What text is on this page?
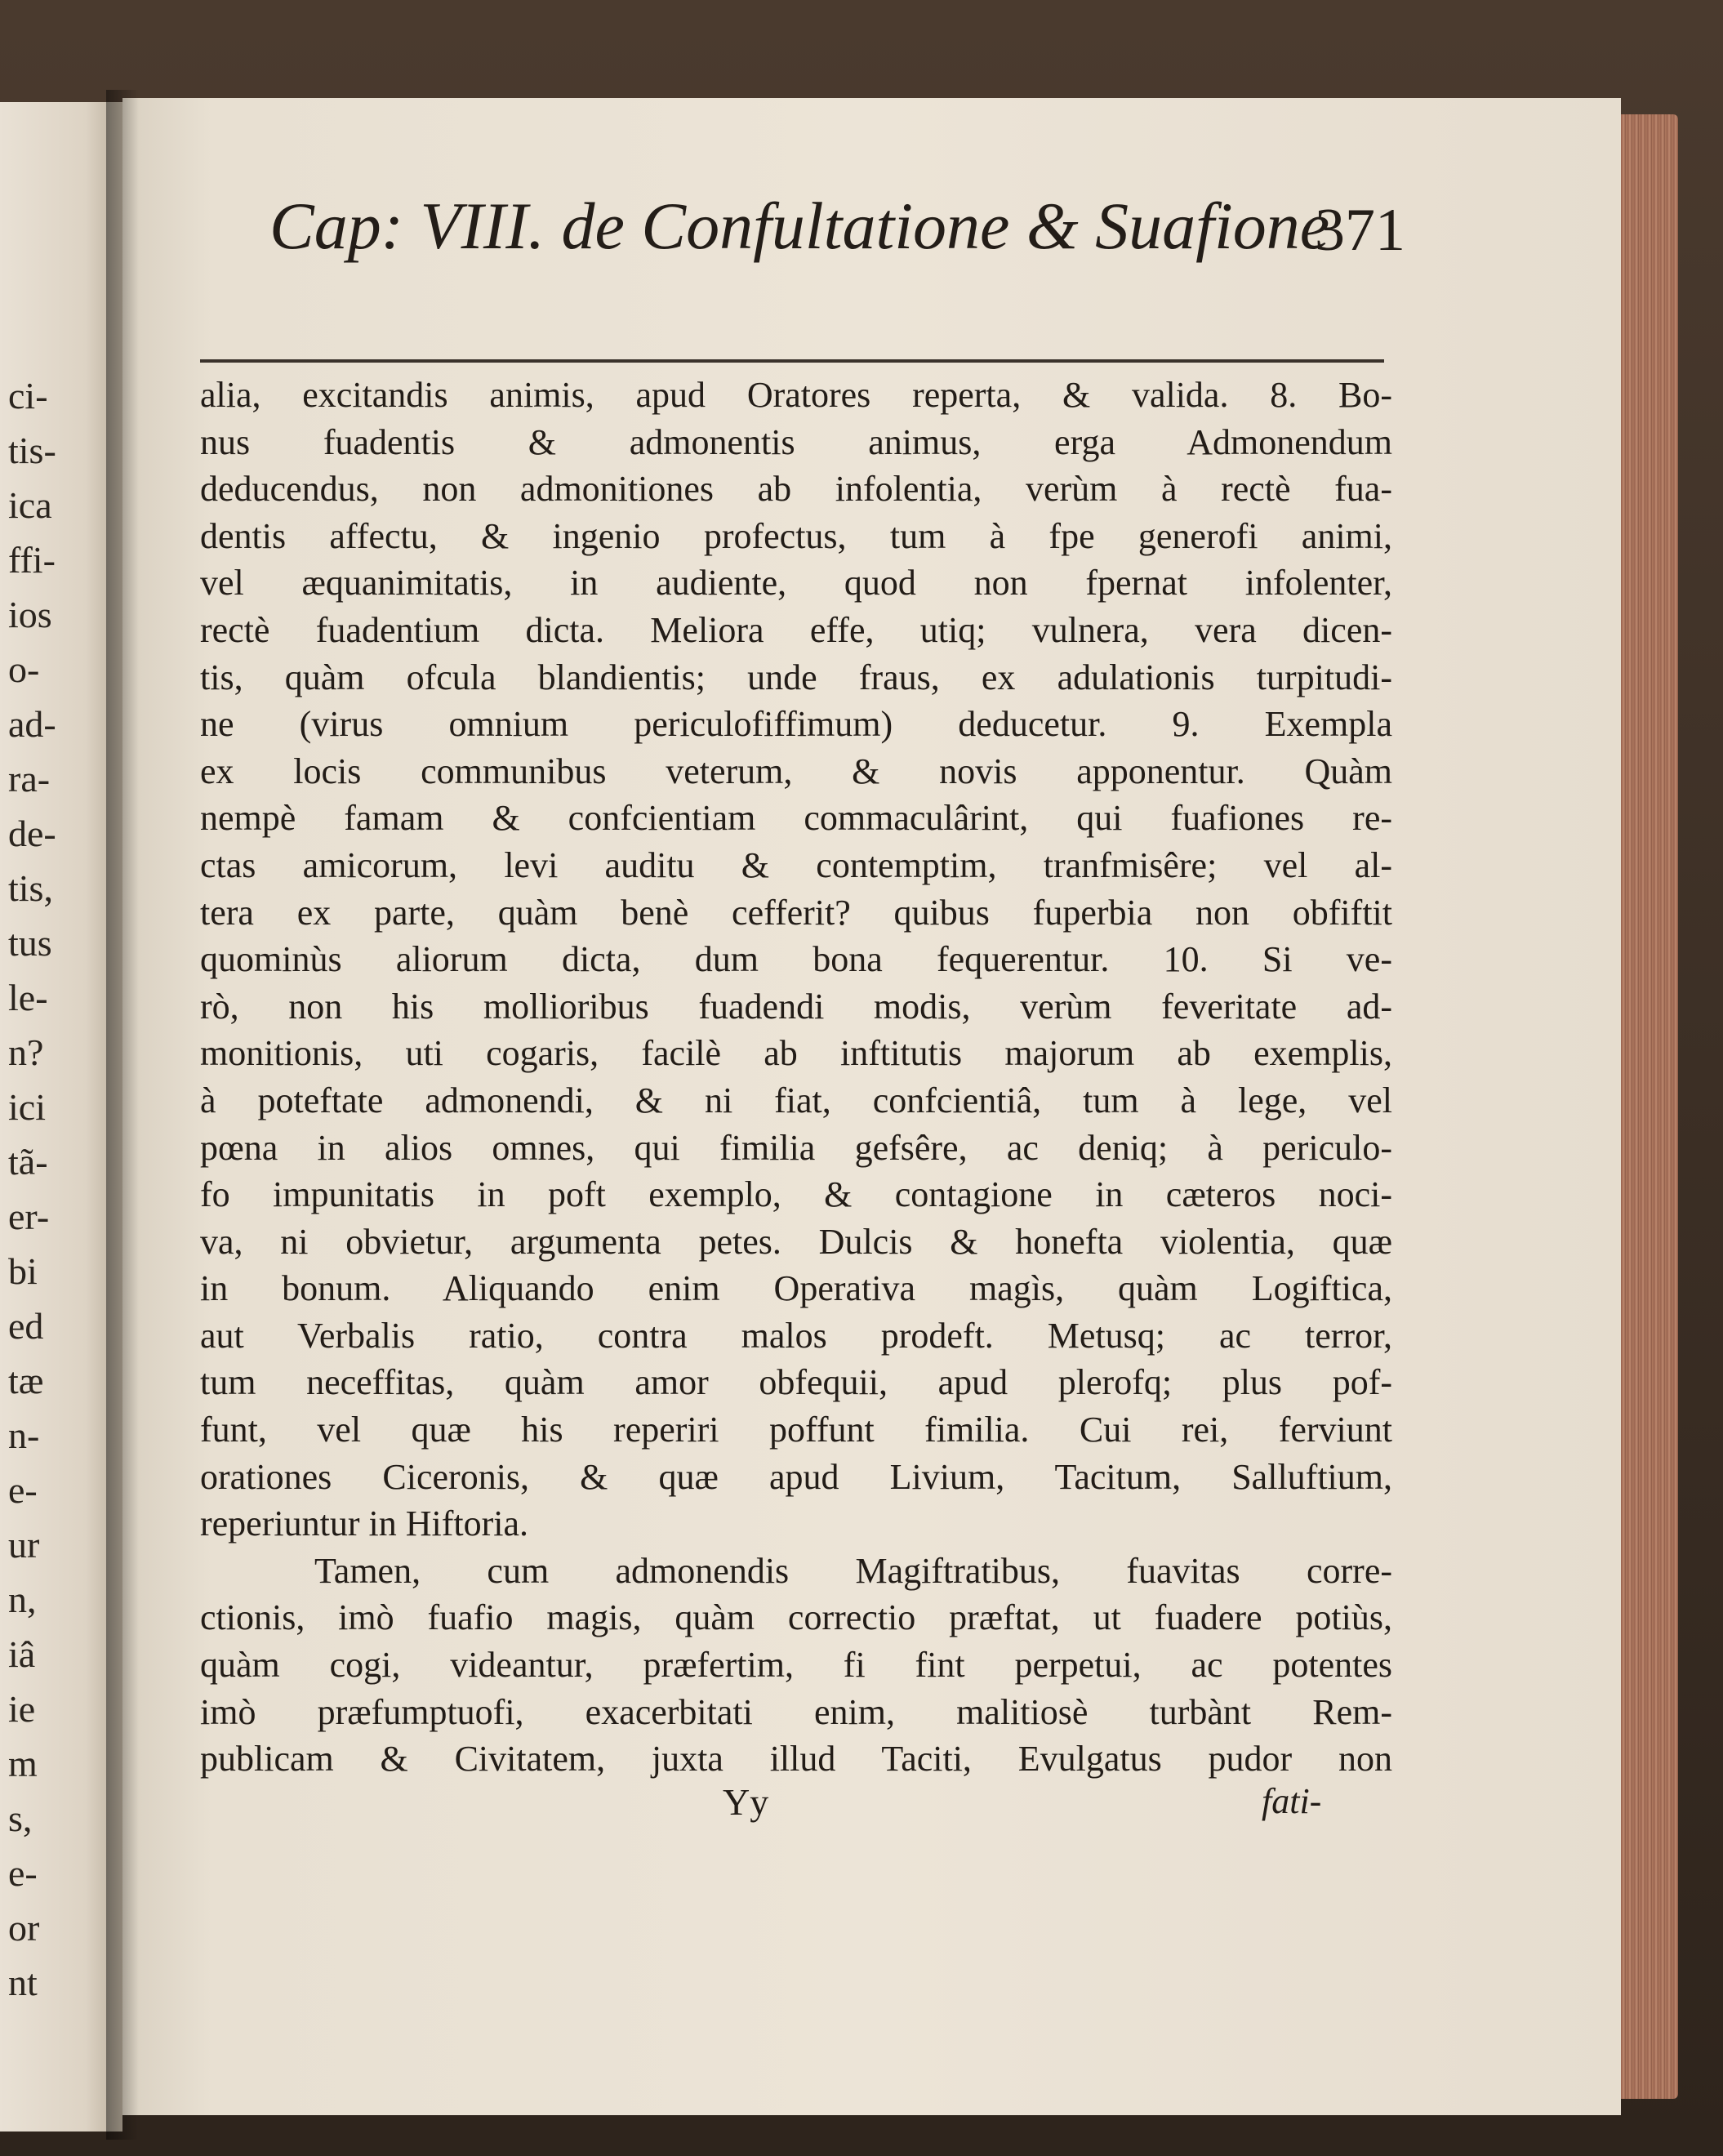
ci-
tis-
ica
ffi-
ios
o-
ad-
ra-
de-
tis,
tus
le-
n?
ici
tã-
er-
bi
ed
tæ
n-
e-
ur
n,
iâ
ie
m
s,
e-
or
nt
Cap: VIII. de Confultatione & Suafione
371
alia, excitandis animis, apud Oratores reperta, & valida. 8. Bo-
nus fuadentis & admonentis animus, erga Admonendum
deducendus, non admonitiones ab infolentia, verùm à rectè fua-
dentis affectu, & ingenio profectus, tum à fpe generofi animi,
vel æquanimitatis, in audiente, quod non fpernat infolenter,
rectè fuadentium dicta. Meliora effe, utiq; vulnera, vera dicen-
tis, quàm ofcula blandientis; unde fraus, ex adulationis turpitudi-
ne (virus omnium periculofiffimum) deducetur. 9. Exempla
ex locis communibus veterum, & novis apponentur. Quàm
nempè famam & confcientiam commaculârint, qui fuafiones re-
ctas amicorum, levi auditu & contemptim, tranfmisêre; vel al-
tera ex parte, quàm benè cefferit? quibus fuperbia non obfiftit
quominùs aliorum dicta, dum bona fequerentur. 10. Si ve-
rò, non his mollioribus fuadendi modis, verùm feveritate ad-
monitionis, uti cogaris, facilè ab inftitutis majorum ab exemplis,
à poteftate admonendi, & ni fiat, confcientiâ, tum à lege, vel
pœna in alios omnes, qui fimilia gefsêre, ac deniq; à periculo-
fo impunitatis in poft exemplo, & contagione in cæteros noci-
va, ni obvietur, argumenta petes. Dulcis & honefta violentia, quæ
in bonum. Aliquando enim Operativa magìs, quàm Logiftica,
aut Verbalis ratio, contra malos prodeft. Metusq; ac terror,
tum neceffitas, quàm amor obfequii, apud plerofq; plus pof-
funt, vel quæ his reperiri poffunt fimilia. Cui rei, ferviunt
orationes Ciceronis, & quæ apud Livium, Tacitum, Salluftium,
reperiuntur in Hiftoria.
Tamen, cum admonendis Magiftratibus, fuavitas corre-
ctionis, imò fuafio magis, quàm correctio præftat, ut fuadere potiùs,
quàm cogi, videantur, præfertim, fi fint perpetui, ac potentes
imò præfumptuofi, exacerbitati enim, malitiosè turbànt Rem-
publicam & Civitatem, juxta illud Taciti, Evulgatus pudor non
Yy	fati-
